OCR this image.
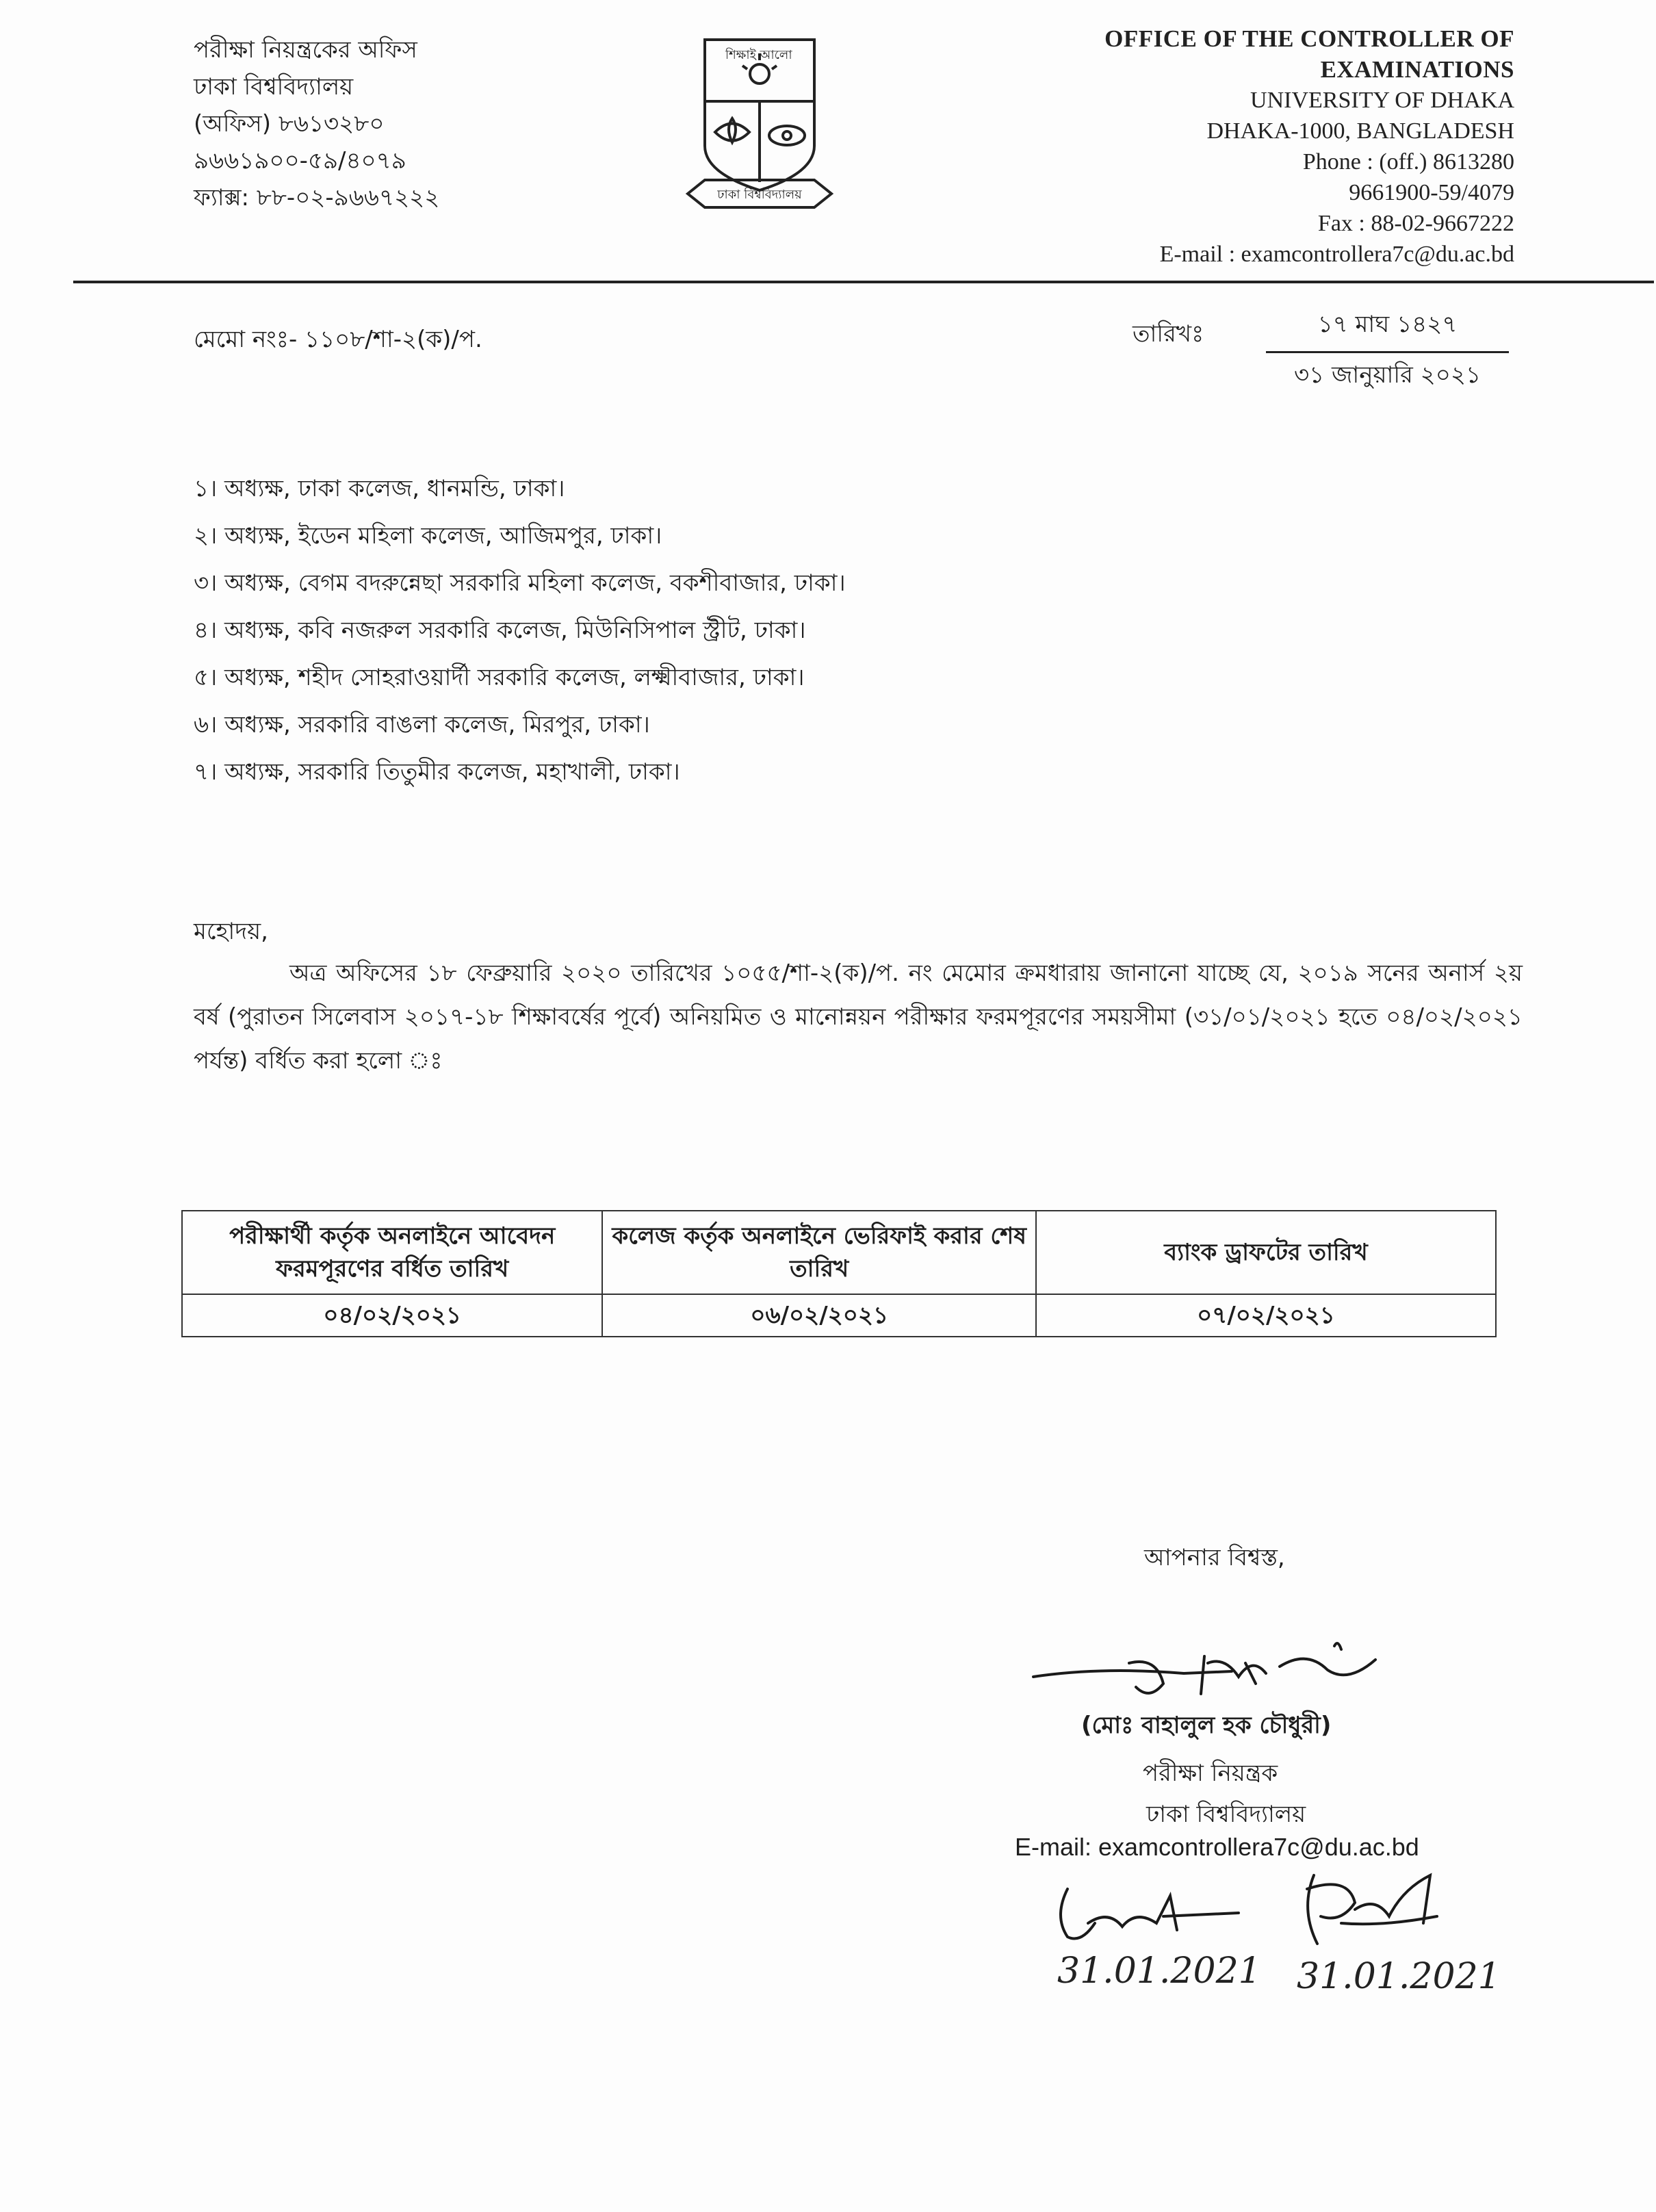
পরীক্ষা নিয়ন্ত্রকের অফিস
ঢাকা বিশ্ববিদ্যালয়
(অফিস) ৮৬১৩২৮০
৯৬৬১৯০০-৫৯/৪০৭৯
ফ্যাক্স: ৮৮-০২-৯৬৬৭২২২
শিক্ষাই আলো
ঢাকা বিশ্ববিদ্যালয়
OFFICE OF THE CONTROLLER OF
EXAMINATIONS
UNIVERSITY OF DHAKA
DHAKA-1000, BANGLADESH
Phone : (off.) 8613280
9661900-59/4079
Fax : 88-02-9667222
E-mail : examcontrollera7c@du.ac.bd
মেমো নংঃ- ১১০৮/শা-২(ক)/প.	তারিখঃ	১৭ মাঘ ১৪২৭
৩১ জানুয়ারি ২০২১
১। অধ্যক্ষ, ঢাকা কলেজ, ধানমন্ডি, ঢাকা।
২। অধ্যক্ষ, ইডেন মহিলা কলেজ, আজিমপুর, ঢাকা।
৩। অধ্যক্ষ, বেগম বদরুন্নেছা সরকারি মহিলা কলেজ, বকশীবাজার, ঢাকা।
৪। অধ্যক্ষ, কবি নজরুল সরকারি কলেজ, মিউনিসিপাল স্ট্রীট, ঢাকা।
৫। অধ্যক্ষ, শহীদ সোহরাওয়ার্দী সরকারি কলেজ, লক্ষ্মীবাজার, ঢাকা।
৬। অধ্যক্ষ, সরকারি বাঙলা কলেজ, মিরপুর, ঢাকা।
৭। অধ্যক্ষ, সরকারি তিতুমীর কলেজ, মহাখালী, ঢাকা।
মহোদয়,
অত্র অফিসের ১৮ ফেব্রুয়ারি ২০২০ তারিখের ১০৫৫/শা-২(ক)/প. নং মেমোর ক্রমধারায় জানানো যাচ্ছে যে, ২০১৯ সনের অনার্স ২য় বর্ষ (পুরাতন সিলেবাস ২০১৭-১৮ শিক্ষাবর্ষের পূর্বে) অনিয়মিত ও মানোন্নয়ন পরীক্ষার ফরমপূরণের সময়সীমা (৩১/০১/২০২১ হতে ০৪/০২/২০২১ পর্যন্ত) বর্ধিত করা হলো ঃ
পরীক্ষার্থী কর্তৃক অনলাইনে আবেদন ফরমপূরণের বর্ধিত তারিখ	কলেজ কর্তৃক অনলাইনে ভেরিফাই করার শেষ তারিখ	ব্যাংক ড্রাফটের তারিখ
০৪/০২/২০২১	০৬/০২/২০২১	০৭/০২/২০২১
আপনার বিশ্বস্ত,
(মোঃ বাহালুল হক চৌধুরী)
পরীক্ষা নিয়ন্ত্রক
ঢাকা বিশ্ববিদ্যালয়
E-mail: examcontrollera7c@du.ac.bd
31.01.2021 31.01.2021
